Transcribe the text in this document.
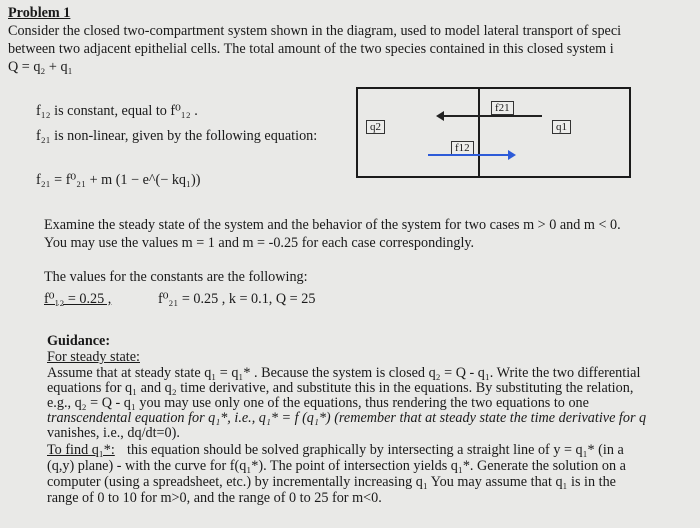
Problem 1
Consider the closed two-compartment system shown in the diagram, used to model lateral transport of speci
between two adjacent epithelial cells. The total amount of the two species contained in this closed system i
Q = q₂ + q₁
f₁₂ is constant, equal to f⁰₁₂ .
f₂₁ is non-linear, given by the following equation:
f₂₁ = f⁰₂₁ + m (1 − e^(− kq₁))
q2	q1
f21
f12
Examine the steady state of the system and the behavior of the system for two cases m > 0 and m < 0.
You may use the values m = 1 and m = -0.25 for each case correspondingly.
The values for the constants are the following:
f⁰₁₂ = 0.25 ,	f⁰₂₁ = 0.25 , k = 0.1, Q = 25
Guidance:
For steady state:
Assume that at steady state q₁ = q₁* . Because the system is closed q₂ = Q - q₁. Write the two differential
equations for q₁ and q₂ time derivative, and substitute this in the equations. By substituting the relation,
e.g., q₂ = Q - q₁ you may use only one of the equations, thus rendering the two equations to one
transcendental equation for q₁*, i.e., q₁* = f (q₁*) (remember that at steady state the time derivative for q
vanishes, i.e., dq/dt=0).
To find q₁*: this equation should be solved graphically by intersecting a straight line of y = q₁* (in a
(q,y) plane) - with the curve for f(q₁*). The point of intersection yields q₁*. Generate the solution on a
computer (using a spreadsheet, etc.) by incrementally increasing q₁ You may assume that q₁ is in the
range of 0 to 10 for m>0, and the range of 0 to 25 for m<0.
